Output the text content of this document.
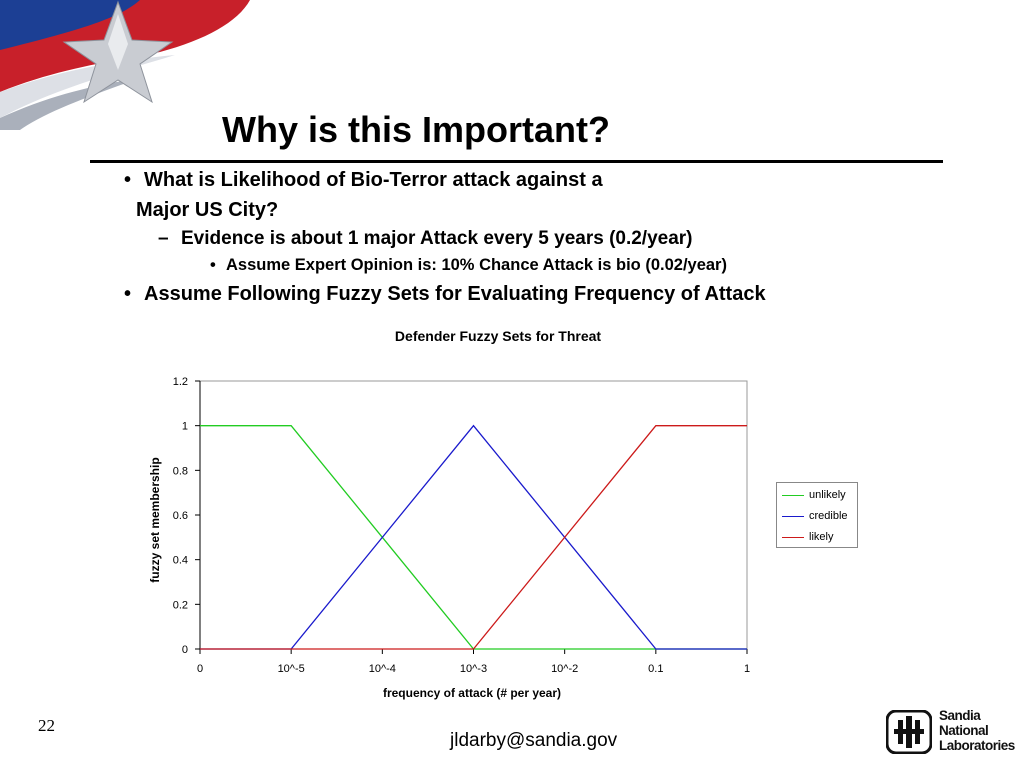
Why is this Important?
• What is Likelihood of Bio-Terror attack against a
Major US City?
– Evidence is about 1 major Attack every 5 years (0.2/year)
• Assume Expert Opinion is: 10% Chance Attack is bio (0.02/year)
• Assume Following Fuzzy Sets for Evaluating Frequency of Attack
Defender Fuzzy Sets for Threat
0
0.2
0.4
0.6
0.8
1
1.2
0	10^-5	10^-4	10^-3	10^-2	0.1	1
fuzzy set membership
frequency of attack (# per year)
unlikely
credible
likely
22
jldarby@sandia.gov
Sandia
National
Laboratories
